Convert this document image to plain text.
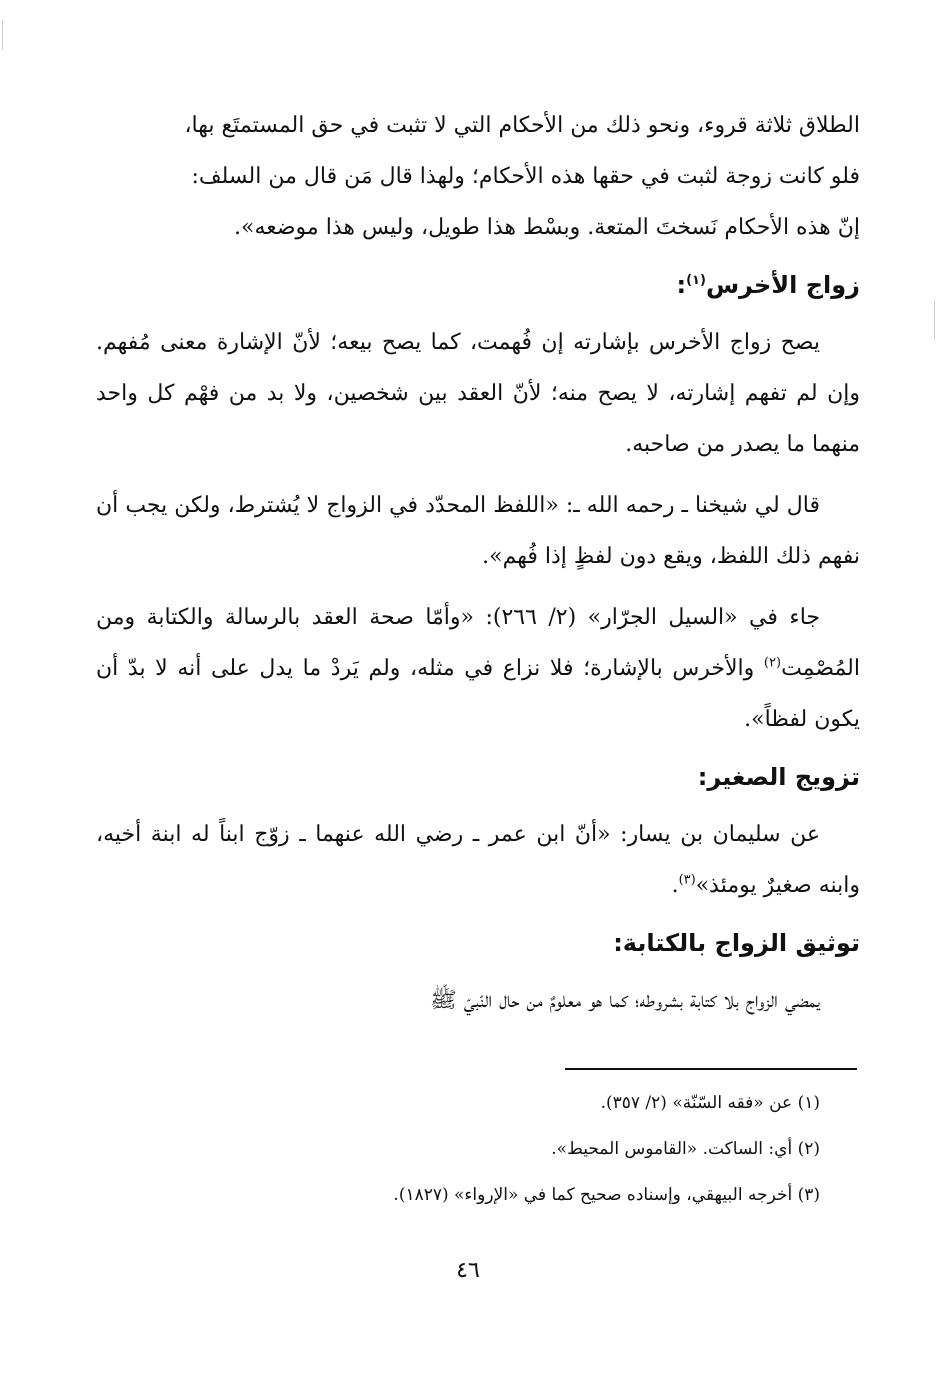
الطلاق ثلاثة قروء، ونحو ذلك من الأحكام التي لا تثبت في حق المستمتَع بها،
فلو كانت زوجة لثبت في حقها هذه الأحكام؛ ولهذا قال مَن قال من السلف:
إنّ هذه الأحكام نَسختَ المتعة. وبسْط هذا طويل، وليس هذا موضعه».
زواج الأخرس$^{(١)}$:

يصح زواج الأخرس بإشارته إن فُهمت، كما يصح بيعه؛ لأنّ الإشارة معنى مُفهم. وإن لم تفهم إشارته، لا يصح منه؛ لأنّ العقد بين شخصين، ولا بد من فهْم كل واحد منهما ما يصدر من صاحبه.

قال لي شيخنا ـ رحمه الله ـ: «اللفظ المحدّد في الزواج لا يُشترط، ولكن يجب أن نفهم ذلك اللفظ، ويقع دون لفظٍ إذا فُهم».

جاء في «السيل الجرّار» (٢/ ٢٦٦): «وأمّا صحة العقد بالرسالة والكتابة ومن المُصْمِت$^{(٢)}$ والأخرس بالإشارة؛ فلا نزاع في مثله، ولم يَردْ ما يدل على أنه لا بدّ أن يكون لفظاً».

تزويج الصغير:

عن سليمان بن يسار: «أنّ ابن عمر ـ رضي الله عنهما ـ زوّج ابناً له ابنة أخيه، وابنه صغيرٌ يومئذ»$^{(٣)}$.

توثيق الزواج بالكتابة:

يمضي الزواج بلا كتابة بشروطه؛ كما هو معلومٌ من حال النّبيّ ﷺ

(١) عن «فقه السّنّة» (٢/ ٣٥٧).

(٢) أي: الساكت. «القاموس المحيط».

(٣) أخرجه البيهقي، وإسناده صحيح كما في «الإرواء» (١٨٢٧).

٤٦
